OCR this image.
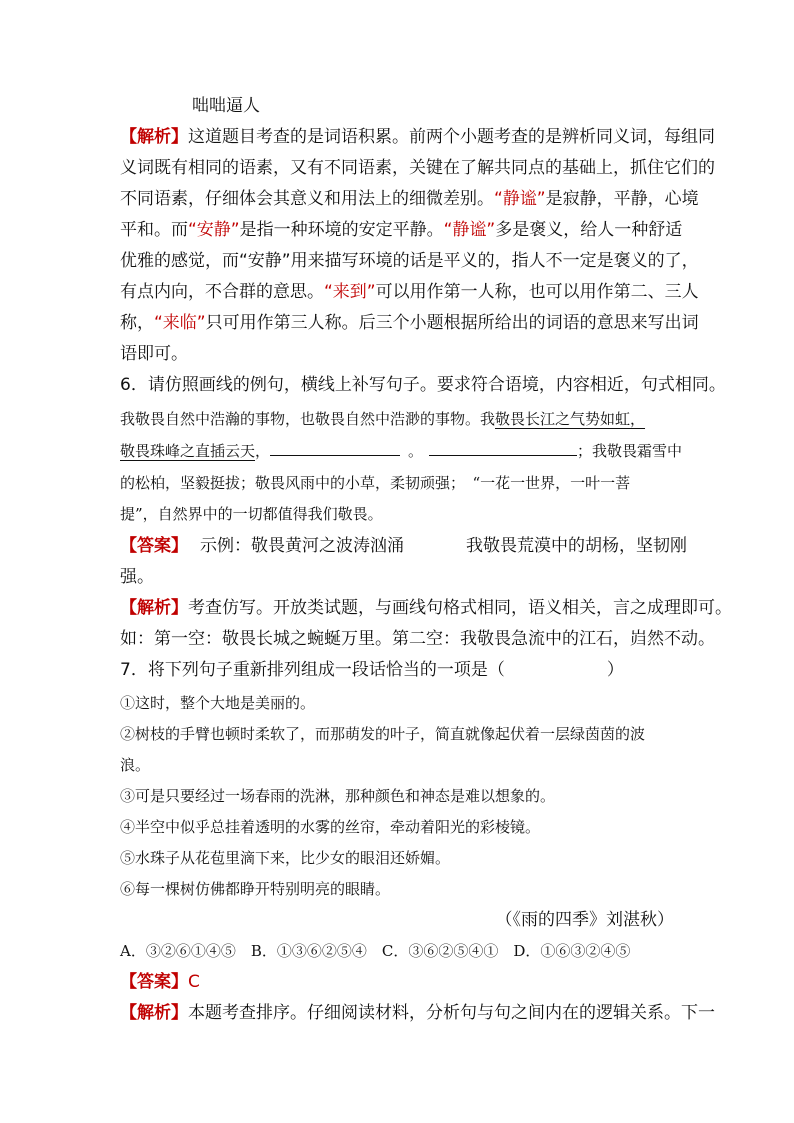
咄咄逼人
【解析】这道题目考查的是词语积累。前两个小题考查的是辨析同义词，每组同
义词既有相同的语素，又有不同语素，关键在了解共同点的基础上，抓住它们的
不同语素，仔细体会其意义和用法上的细微差别。“静谧”是寂静，平静，心境
平和。而“安静”是指一种环境的安定平静。“静谧”多是褒义，给人一种舒适
优雅的感觉，而“安静”用来描写环境的话是平义的，指人不一定是褒义的了，
有点内向，不合群的意思。“来到”可以用作第一人称，也可以用作第二、三人
称，“来临”只可用作第三人称。后三个小题根据所给出的词语的意思来写出词
语即可。
6．请仿照画线的例句，横线上补写句子。要求符合语境，内容相近，句式相同。
我敬畏自然中浩瀚的事物，也敬畏自然中浩渺的事物。我敬畏长江之气势如虹，
敬畏珠峰之直插云天，	。	；我敬畏霜雪中
的松柏，坚毅挺拔；敬畏风雨中的小草，柔韧顽强；　“一花一世界，一叶一菩
提”，自然界中的一切都值得我们敬畏。
【答案】 示例：敬畏黄河之波涛汹涌	我敬畏荒漠中的胡杨，坚韧刚
强。
【解析】考查仿写。开放类试题，与画线句格式相同，语义相关，言之成理即可。
如：第一空：敬畏长城之蜿蜒万里。第二空：我敬畏急流中的江石，岿然不动。
7．将下列句子重新排列组成一段话恰当的一项是（　　　　　　）
①这时，整个大地是美丽的。
②树枝的手臂也顿时柔软了，而那萌发的叶子，简直就像起伏着一层绿茵茵的波
浪。
③可是只要经过一场春雨的洗淋，那种颜色和神态是难以想象的。
④半空中似乎总挂着透明的水雾的丝帘，牵动着阳光的彩棱镜。
⑤水珠子从花苞里滴下来，比少女的眼泪还娇媚。
⑥每一棵树仿佛都睁开特别明亮的眼睛。
（《雨的四季》刘湛秋）
A．③②⑥①④⑤　B．①③⑥②⑤④　C．③⑥②⑤④①　D．①⑥③②④⑤
【答案】C
【解析】本题考查排序。仔细阅读材料，分析句与句之间内在的逻辑关系。下一
